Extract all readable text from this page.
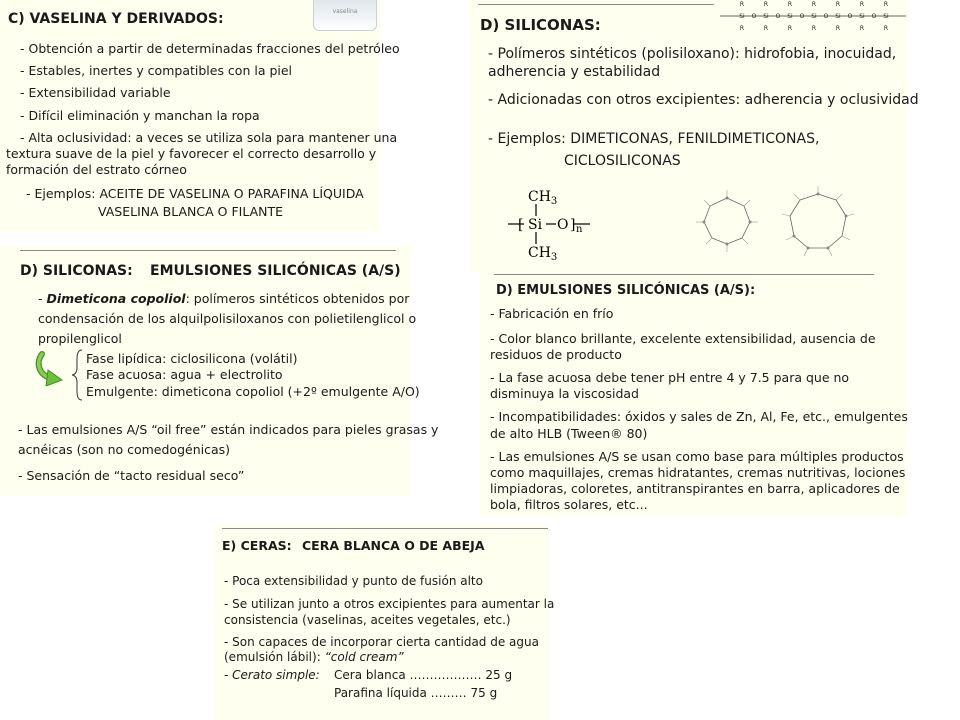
C) VASELINA Y DERIVADOS:	vaselina
- Obtención a partir de determinadas fracciones del petróleo
- Estables, inertes y compatibles con la piel
- Extensibilidad variable
- Difícil eliminación y manchan la ropa
- Alta oclusividad: a veces se utiliza sola para mantener una
textura suave de la piel y favorecer el correcto desarrollo y
formación del estrato córneo
- Ejemplos: ACEITE DE VASELINA O PARAFINA LÍQUIDA
VASELINA BLANCA O FILANTE
D) SILICONAS:
R
Si
R
O
R
Si
R
O
R
Si
R
O
R
Si
R
O
R
Si
R
O
R
Si
R
O
R
Si
R
- Polímeros sintéticos (polisiloxano): hidrofobia, inocuidad,
adherencia y estabilidad
- Adicionadas con otros excipientes: adherencia y oclusividad
- Ejemplos: DIMETICONAS, FENILDIMETICONAS,
CICLOSILICONAS
$CH_3$
[ Si O ] n
$CH_3$
D) SILICONAS: EMULSIONES SILICÓNICAS (A/S)
- Dimeticona copoliol: polímeros sintéticos obtenidos por
condensación de los alquilpolisiloxanos con polietilenglicol o
propilenglicol
Fase lipídica: ciclosilicona (volátil)
Fase acuosa: agua + electrolito
Emulgente: dimeticona copoliol (+2º emulgente A/O)
- Las emulsiones A/S “oil free” están indicados para pieles grasas y
acnéicas (son no comedogénicas)
- Sensación de “tacto residual seco”
D) EMULSIONES SILICÓNICAS (A/S):
- Fabricación en frío
- Color blanco brillante, excelente extensibilidad, ausencia de
residuos de producto
- La fase acuosa debe tener pH entre 4 y 7.5 para que no
disminuya la viscosidad
- Incompatibilidades: óxidos y sales de Zn, Al, Fe, etc., emulgentes
de alto HLB (Tween® 80)
- Las emulsiones A/S se usan como base para múltiples productos
como maquillajes, cremas hidratantes, cremas nutritivas, lociones
limpiadoras, coloretes, antitranspirantes en barra, aplicadores de
bola, filtros solares, etc...
E) CERAS: CERA BLANCA O DE ABEJA
- Poca extensibilidad y punto de fusión alto
- Se utilizan junto a otros excipientes para aumentar la
consistencia (vaselinas, aceites vegetales, etc.)
- Son capaces de incorporar cierta cantidad de agua
(emulsión lábil): “cold cream”
- Cerato simple: Cera blanca ……………… 25 g
Parafina líquida ……… 75 g
